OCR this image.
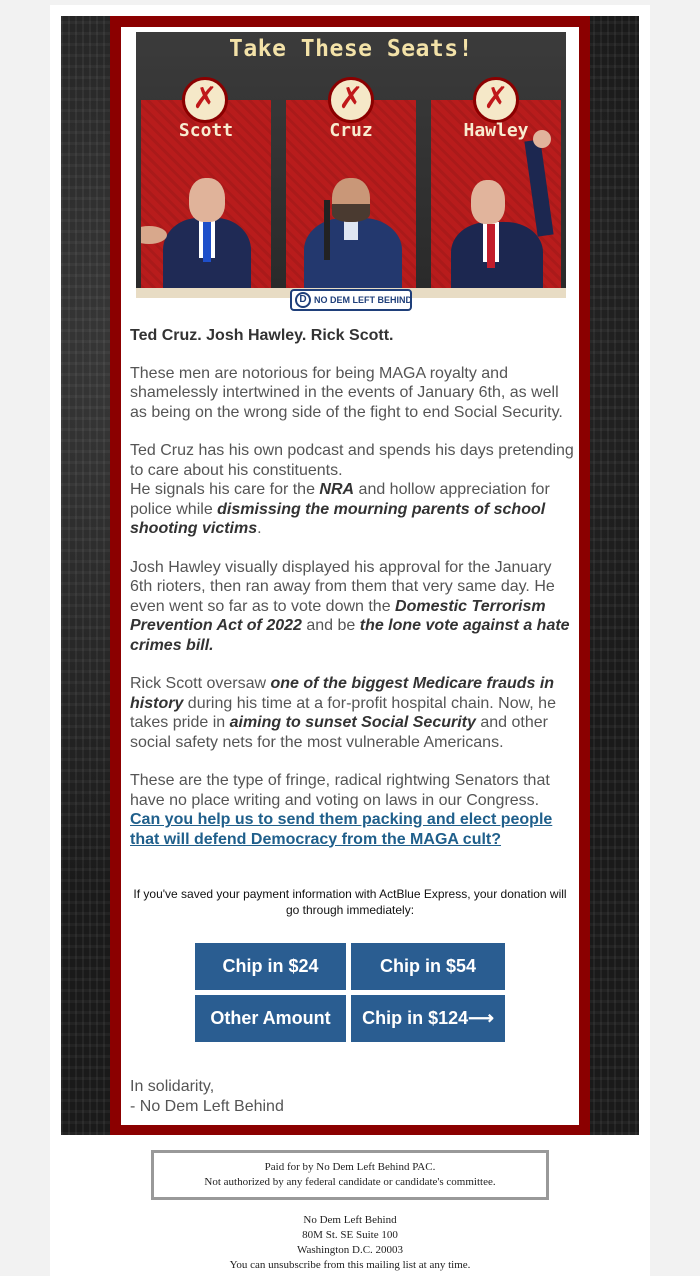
Take These Seats!
✗	✗	✗
Scott	Cruz	Hawley
D NO DEM LEFT BEHIND

Ted Cruz. Josh Hawley. Rick Scott.

These men are notorious for being MAGA royalty and shamelessly intertwined in the events of January 6th, as well as being on the wrong side of the fight to end Social Security.

Ted Cruz has his own podcast and spends his days pretending to care about his constituents.
He signals his care for the NRA and hollow appreciation for police while dismissing the mourning parents of school shooting victims.

Josh Hawley visually displayed his approval for the January 6th rioters, then ran away from them that very same day. He even went so far as to vote down the Domestic Terrorism Prevention Act of 2022 and be the lone vote against a hate crimes bill.

Rick Scott oversaw one of the biggest Medicare frauds in history during his time at a for-profit hospital chain. Now, he takes pride in aiming to sunset Social Security and other social safety nets for the most vulnerable Americans.

These are the type of fringe, radical rightwing Senators that have no place writing and voting on laws in our Congress.
Can you help us to send them packing and elect people that will defend Democracy from the MAGA cult?

If you've saved your payment information with ActBlue Express, your donation will go through immediately:
Chip in $24	Chip in $54
Other Amount	Chip in $124⟶
In solidarity,
- No Dem Left Behind
Paid for by No Dem Left Behind PAC.
Not authorized by any federal candidate or candidate's committee.
No Dem Left Behind
80M St. SE Suite 100
Washington D.C. 20003
You can unsubscribe from this mailing list at any time.
